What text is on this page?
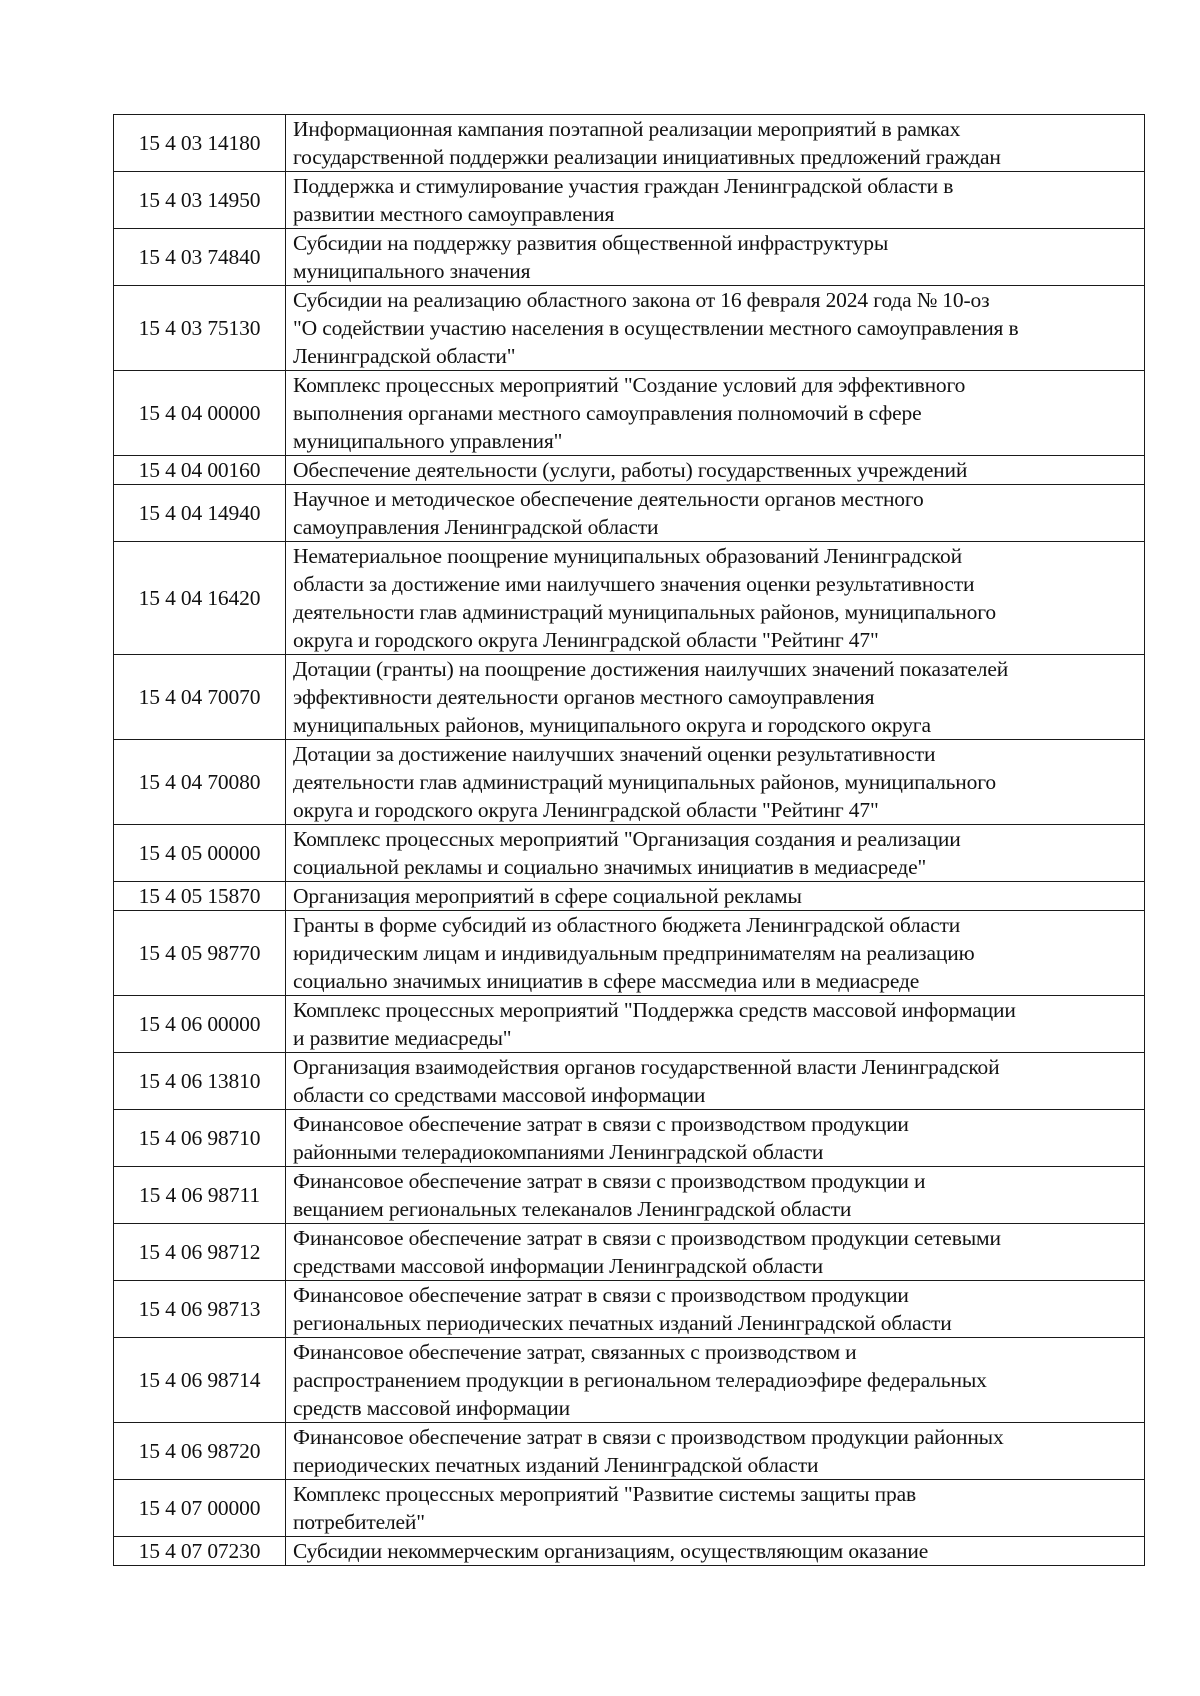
15 4 03 14180	Информационная кампания поэтапной реализации мероприятий в рамках
государственной поддержки реализации инициативных предложений граждан

15 4 03 14950	Поддержка и стимулирование участия граждан Ленинградской области в
развитии местного самоуправления

15 4 03 74840	Субсидии на поддержку развития общественной инфраструктуры
муниципального значения

15 4 03 75130	Субсидии на реализацию областного закона от 16 февраля 2024 года № 10-оз
"О содействии участию населения в осуществлении местного самоуправления в
Ленинградской области"

15 4 04 00000	Комплекс процессных мероприятий "Создание условий для эффективного
выполнения органами местного самоуправления полномочий в сфере
муниципального управления"

15 4 04 00160	Обеспечение деятельности (услуги, работы) государственных учреждений

15 4 04 14940	Научное и методическое обеспечение деятельности органов местного
самоуправления Ленинградской области

15 4 04 16420	Нематериальное поощрение муниципальных образований Ленинградской
области за достижение ими наилучшего значения оценки результативности
деятельности глав администраций муниципальных районов, муниципального
округа и городского округа Ленинградской области "Рейтинг 47"

15 4 04 70070	Дотации (гранты) на поощрение достижения наилучших значений показателей
эффективности деятельности органов местного самоуправления
муниципальных районов, муниципального округа и городского округа

15 4 04 70080	Дотации за достижение наилучших значений оценки результативности
деятельности глав администраций муниципальных районов, муниципального
округа и городского округа Ленинградской области "Рейтинг 47"

15 4 05 00000	Комплекс процессных мероприятий "Организация создания и реализации
социальной рекламы и социально значимых инициатив в медиасреде"

15 4 05 15870	Организация мероприятий в сфере социальной рекламы

15 4 05 98770	Гранты в форме субсидий из областного бюджета Ленинградской области
юридическим лицам и индивидуальным предпринимателям на реализацию
социально значимых инициатив в сфере массмедиа или в медиасреде

15 4 06 00000	Комплекс процессных мероприятий "Поддержка средств массовой информации
и развитие медиасреды"

15 4 06 13810	Организация взаимодействия органов государственной власти Ленинградской
области со средствами массовой информации

15 4 06 98710	Финансовое обеспечение затрат в связи с производством продукции
районными телерадиокомпаниями Ленинградской области

15 4 06 98711	Финансовое обеспечение затрат в связи с производством продукции и
вещанием региональных телеканалов Ленинградской области

15 4 06 98712	Финансовое обеспечение затрат в связи с производством продукции сетевыми
средствами массовой информации Ленинградской области

15 4 06 98713	Финансовое обеспечение затрат в связи с производством продукции
региональных периодических печатных изданий Ленинградской области

15 4 06 98714	Финансовое обеспечение затрат, связанных с производством и
распространением продукции в региональном телерадиоэфире федеральных
средств массовой информации

15 4 06 98720	Финансовое обеспечение затрат в связи с производством продукции районных
периодических печатных изданий Ленинградской области

15 4 07 00000	Комплекс процессных мероприятий "Развитие системы защиты прав
потребителей"

15 4 07 07230	Субсидии некоммерческим организациям, осуществляющим оказание
